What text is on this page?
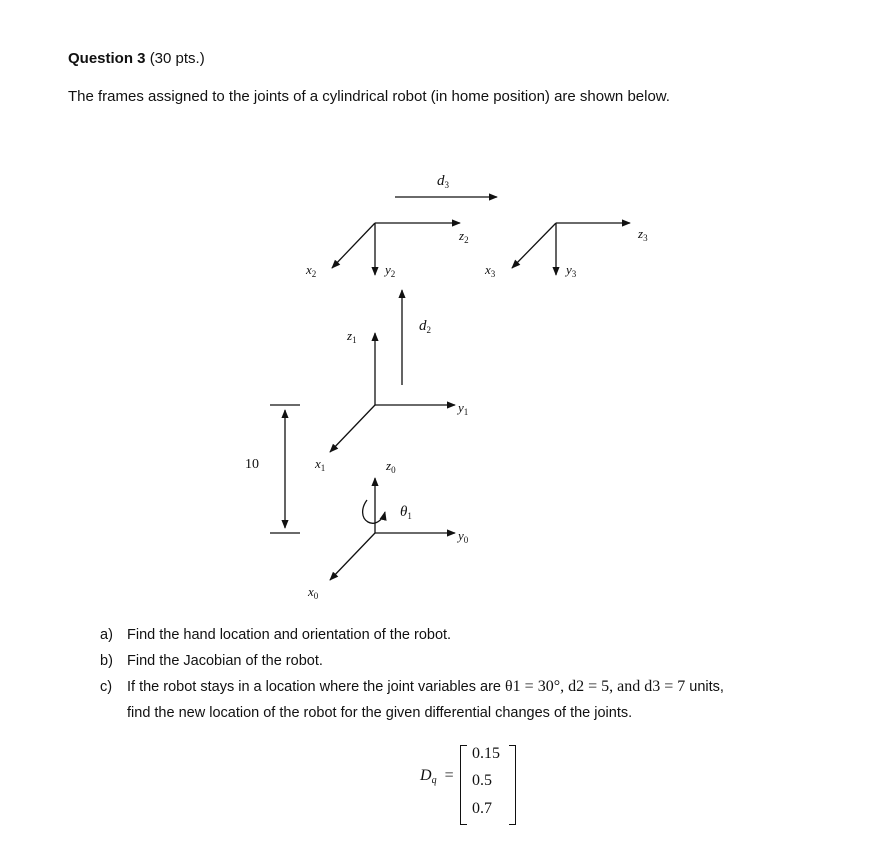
Question 3 (30 pts.)
The frames assigned to the joints of a cylindrical robot (in home position) are shown below.
$d_3$
$z_2$	$z_3$
$x_2$	$y_2$	$x_3$	$y_3$
$z_1$
$d_2$
$y_1$
10	$x_1$	$z_0$
$\theta_1$
$y_0$
$x_0$
a) Find the hand location and orientation of the robot.
b) Find the Jacobian of the robot.
c)	If the robot stays in a location where the joint variables are θ1 = 30°, d2 = 5, and d3 = 7 units,
find the new location of the robot for the given differential changes of the joints.
$D_q$ =
0.15
0.5
0.7
